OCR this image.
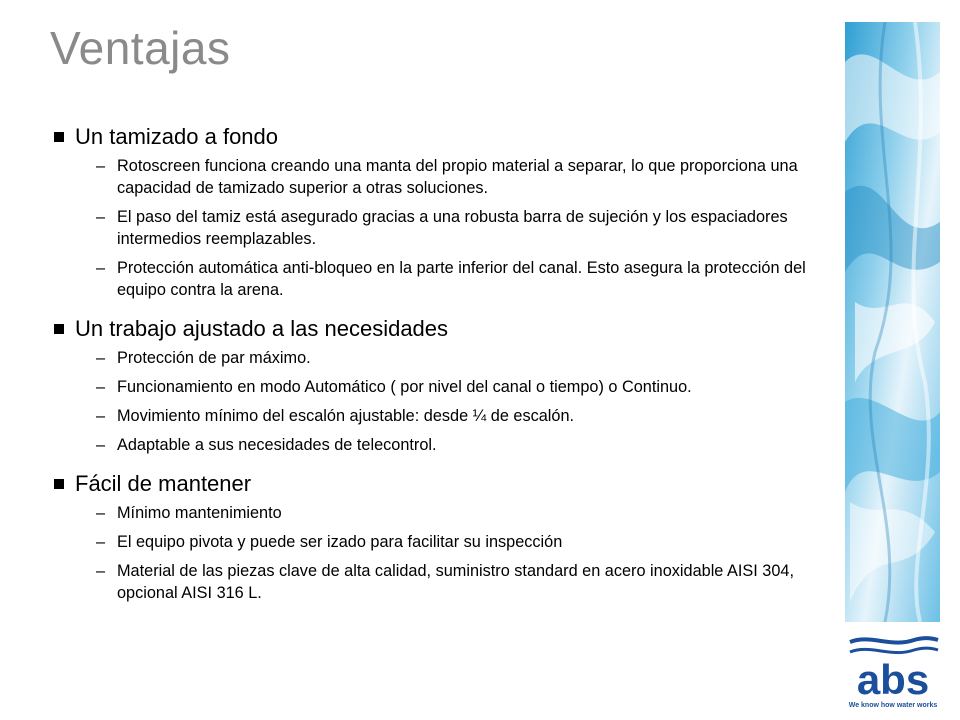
Ventajas
Un tamizado a fondo
– Rotoscreen funciona creando una manta del propio material a separar, lo que proporciona una capacidad de tamizado superior a otras soluciones.
– El paso del tamiz está asegurado gracias a una robusta barra de sujeción y los espaciadores intermedios reemplazables.
– Protección automática anti-bloqueo en la parte inferior del canal. Esto asegura la protección del equipo contra la arena.
Un trabajo ajustado a las necesidades
– Protección de par máximo.
– Funcionamiento en modo Automático ( por nivel del canal o tiempo) o Continuo.
– Movimiento mínimo del escalón ajustable: desde ¼ de escalón.
– Adaptable a sus necesidades de telecontrol.
Fácil de mantener
– Mínimo mantenimiento
– El equipo pivota y puede ser izado para facilitar su inspección
– Material de las piezas clave de alta calidad, suministro standard en acero inoxidable AISI 304, opcional AISI 316 L.
abs
We know how water works
